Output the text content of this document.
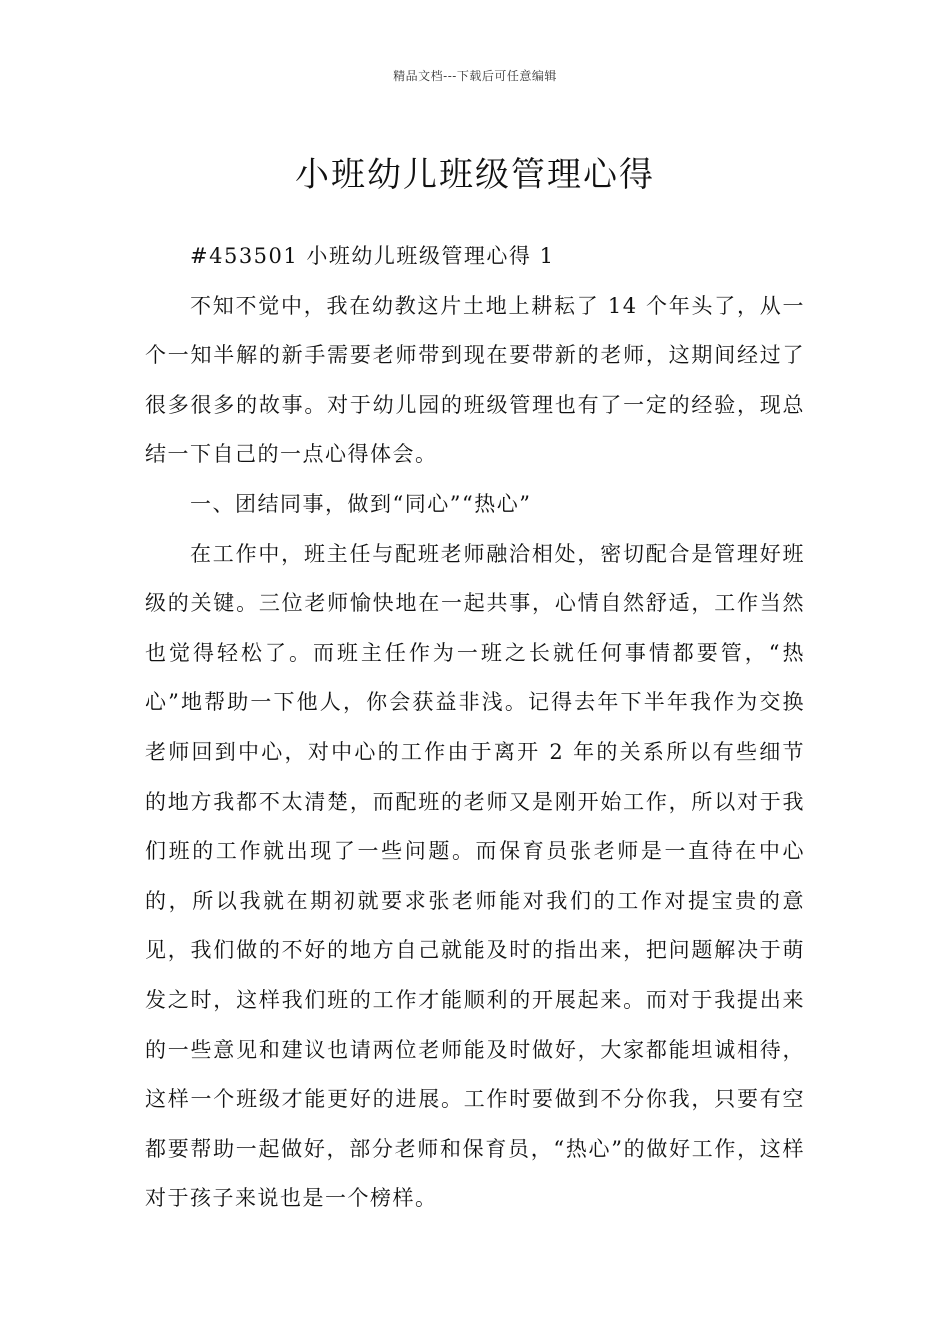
精品文档---下载后可任意编辑
小班幼儿班级管理心得

#453501 小班幼儿班级管理心得 1

不知不觉中，我在幼教这片土地上耕耘了 14 个年头了，从一个一知半解的新手需要老师带到现在要带新的老师，这期间经过了很多很多的故事。对于幼儿园的班级管理也有了一定的经验，现总结一下自己的一点心得体会。

一、团结同事，做到“同心”“热心”

在工作中，班主任与配班老师融洽相处，密切配合是管理好班级的关键。三位老师愉快地在一起共事，心情自然舒适，工作当然也觉得轻松了。而班主任作为一班之长就任何事情都要管，“热心”地帮助一下他人，你会获益非浅。记得去年下半年我作为交换老师回到中心，对中心的工作由于离开 2 年的关系所以有些细节的地方我都不太清楚，而配班的老师又是刚开始工作，所以对于我们班的工作就出现了一些问题。而保育员张老师是一直待在中心的，所以我就在期初就要求张老师能对我们的工作对提宝贵的意见，我们做的不好的地方自己就能及时的指出来，把问题解决于萌发之时，这样我们班的工作才能顺利的开展起来。而对于我提出来的一些意见和建议也请两位老师能及时做好，大家都能坦诚相待，这样一个班级才能更好的进展。工作时要做到不分你我，只要有空都要帮助一起做好，部分老师和保育员，“热心”的做好工作，这样对于孩子来说也是一个榜样。
